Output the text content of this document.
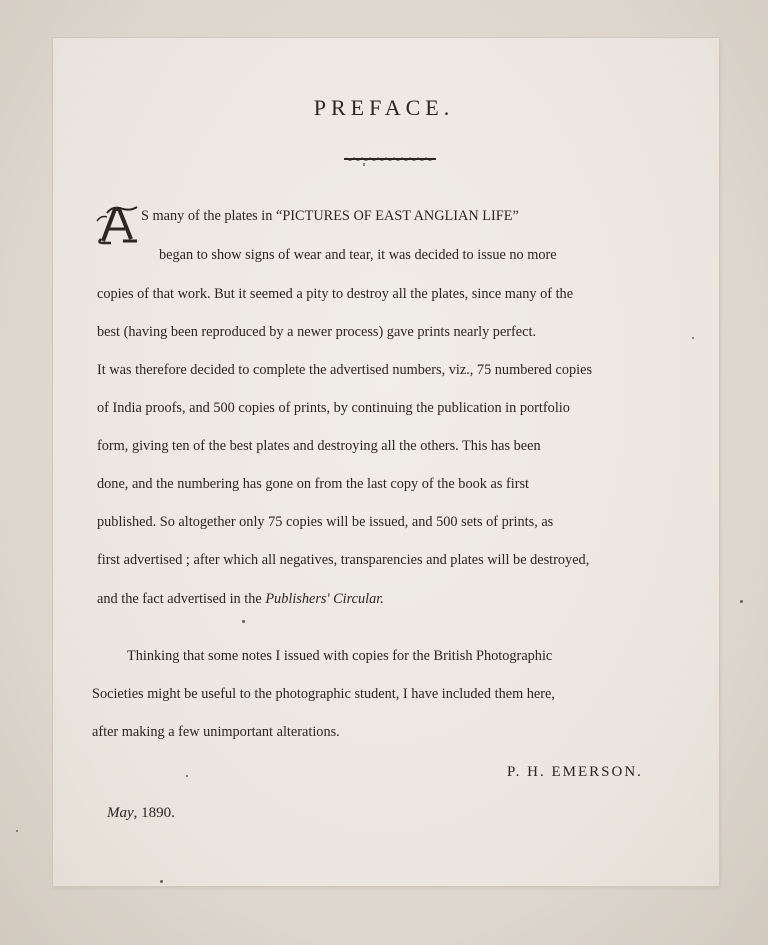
PREFACE.
S many of the plates in “PICTURES OF EAST ANGLIAN LIFE”
began to show signs of wear and tear, it was decided to issue no more
copies of that work. But it seemed a pity to destroy all the plates, since many of the
best (having been reproduced by a newer process) gave prints nearly perfect.
It was therefore decided to complete the advertised numbers, viz., 75 numbered copies
of India proofs, and 500 copies of prints, by continuing the publication in portfolio
form, giving ten of the best plates and destroying all the others. This has been
done, and the numbering has gone on from the last copy of the book as first
published. So altogether only 75 copies will be issued, and 500 sets of prints, as
first advertised ; after which all negatives, transparencies and plates will be destroyed,
and the fact advertised in the Publishers' Circular.
Thinking that some notes I issued with copies for the British Photographic
Societies might be useful to the photographic student, I have included them here,
after making a few unimportant alterations.
P. H. EMERSON.
May, 1890.
